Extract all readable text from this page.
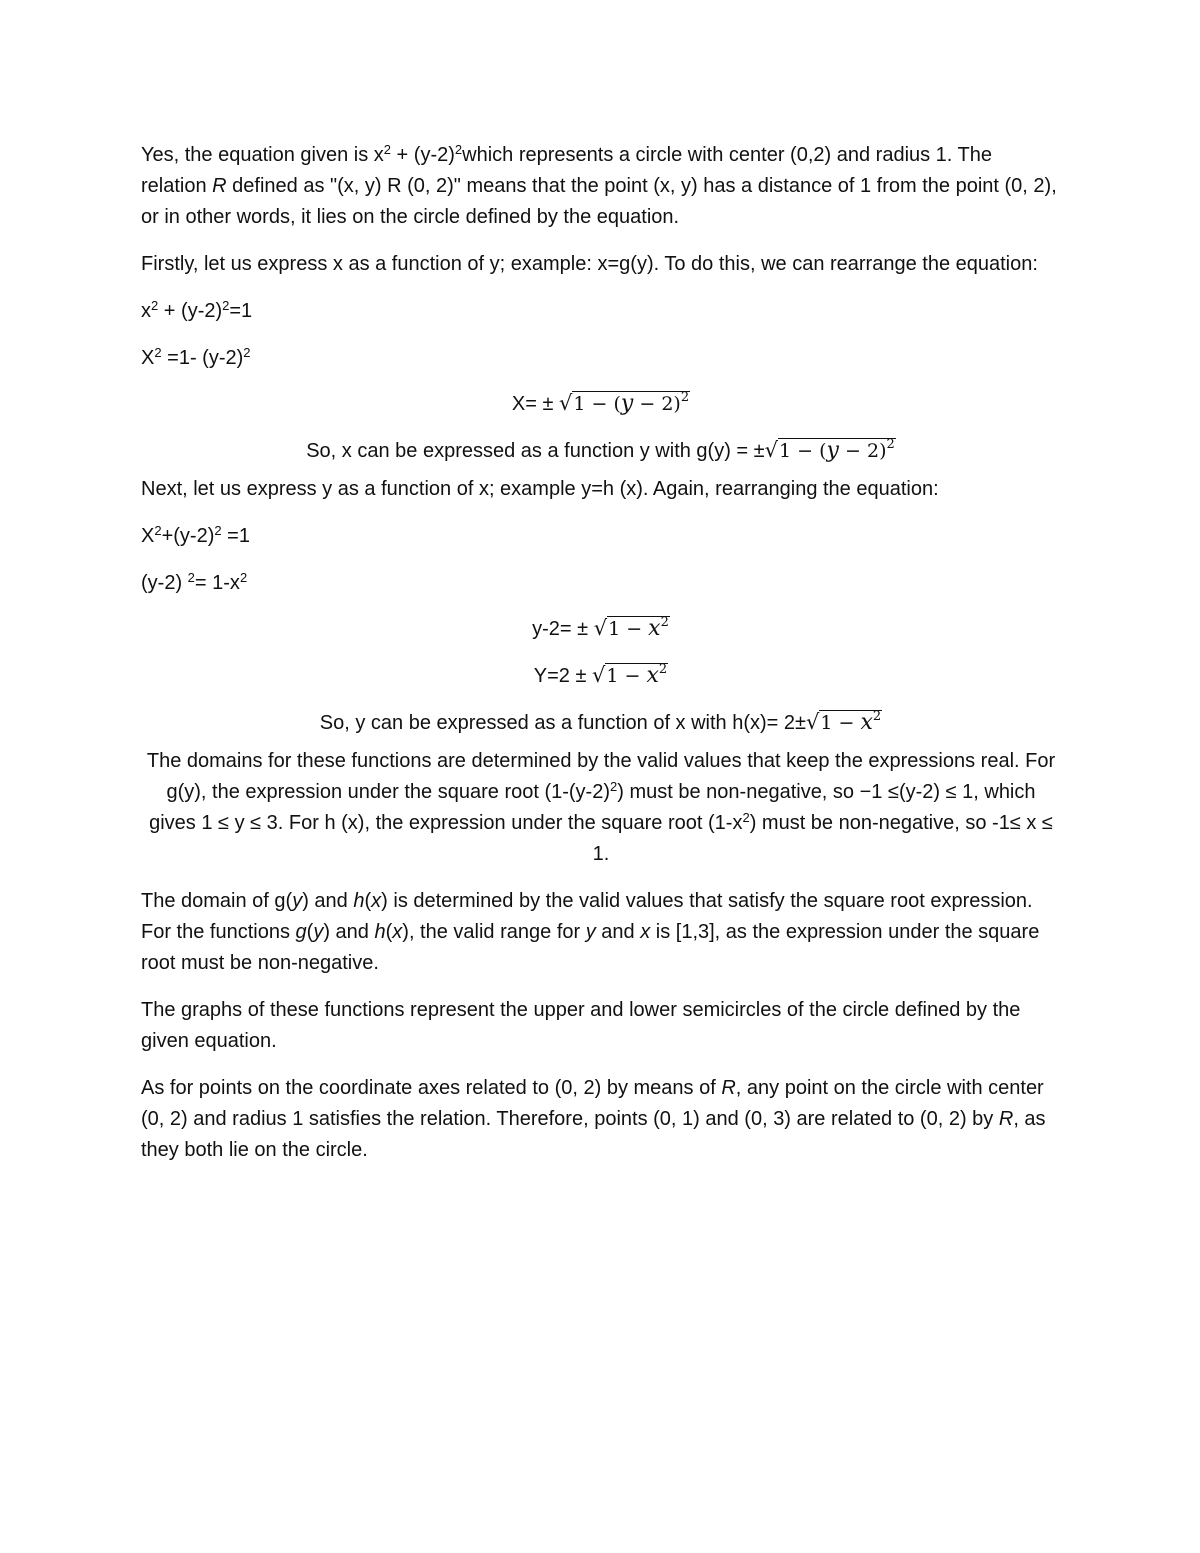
Yes, the equation given is $x^2$ + $(y-2)^2which$ represents a circle with center (0,2) and radius 1. The relation R defined as "(x, y) R (0, 2)" means that the point (x, y) has a distance of 1 from the point (0, 2), or in other words, it lies on the circle defined by the equation.

Firstly, let us express x as a function of y; example: x=g(y). To do this, we can rearrange the equation:

$x^2 + (y-2)^2=1$

$X^2 =1-$ $(y-2)^2$

$X= \pm √1 - (y - 2)^2$
So, x can be expressed as a function y with $g(y) = \pm√1 - (y - 2)^2$

Next, let us express y as a function of x; example y=h (x). Again, rearranging the equation:

$X^2+(y-2)^2 =1$

(y-2) $^2= 1-x^2$

$y-2= \pm √1 - x^2$
$Y=2 \pm √1 - x^2$
So, y can be expressed as a function of x with $h(x)= 2\pm√1 - x^2$

The domains for these functions are determined by the valid values that keep the expressions real. For g(y), the expression under the square root $(1-(y-2)^2)$ must be non-negative, so −1 ≤(y-2) ≤ 1, which gives 1 ≤ y ≤ 3. For h (x), the expression under the square root $(1-x^2)$ must be non-negative, so -1≤ x ≤ 1.

The domain of g(y) and h(x) is determined by the valid values that satisfy the square root expression. For the functions g(y) and h(x), the valid range for y and x is [1,3], as the expression under the square root must be non-negative.

The graphs of these functions represent the upper and lower semicircles of the circle defined by the given equation.

As for points on the coordinate axes related to (0, 2) by means of R, any point on the circle with center (0, 2) and radius 1 satisfies the relation. Therefore, points (0, 1) and (0, 3) are related to (0, 2) by R, as they both lie on the circle.
